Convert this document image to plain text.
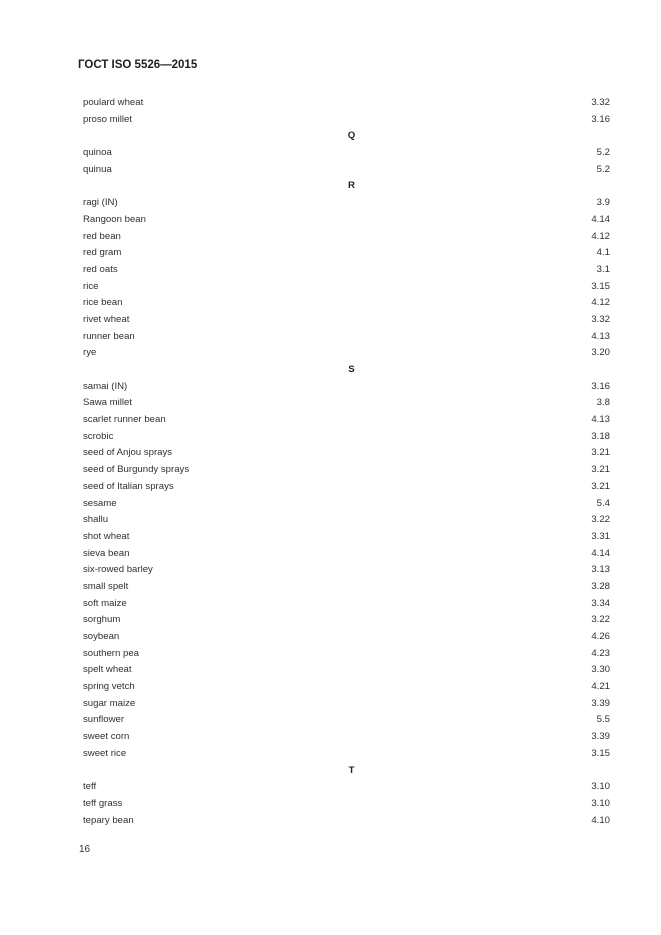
ГОСТ ISO 5526—2015
poulard wheat	3.32
proso millet	3.16
Q
quinoa	5.2
quinua	5.2
R
ragi (IN)	3.9
Rangoon bean	4.14
red bean	4.12
red gram	4.1
red oats	3.1
rice	3.15
rice bean	4.12
rivet wheat	3.32
runner bean	4.13
rye	3.20
S
samai (IN)	3.16
Sawa millet	3.8
scarlet runner bean	4.13
scrobic	3.18
seed of Anjou sprays	3.21
seed of Burgundy sprays	3.21
seed of Italian sprays	3.21
sesame	5.4
shallu	3.22
shot wheat	3.31
sieva bean	4.14
six-rowed barley	3.13
small spelt	3.28
soft maize	3.34
sorghum	3.22
soybean	4.26
southern pea	4.23
spelt wheat	3.30
spring vetch	4.21
sugar maize	3.39
sunflower	5.5
sweet corn	3.39
sweet rice	3.15
T
teff	3.10
teff grass	3.10
tepary bean	4.10
16
